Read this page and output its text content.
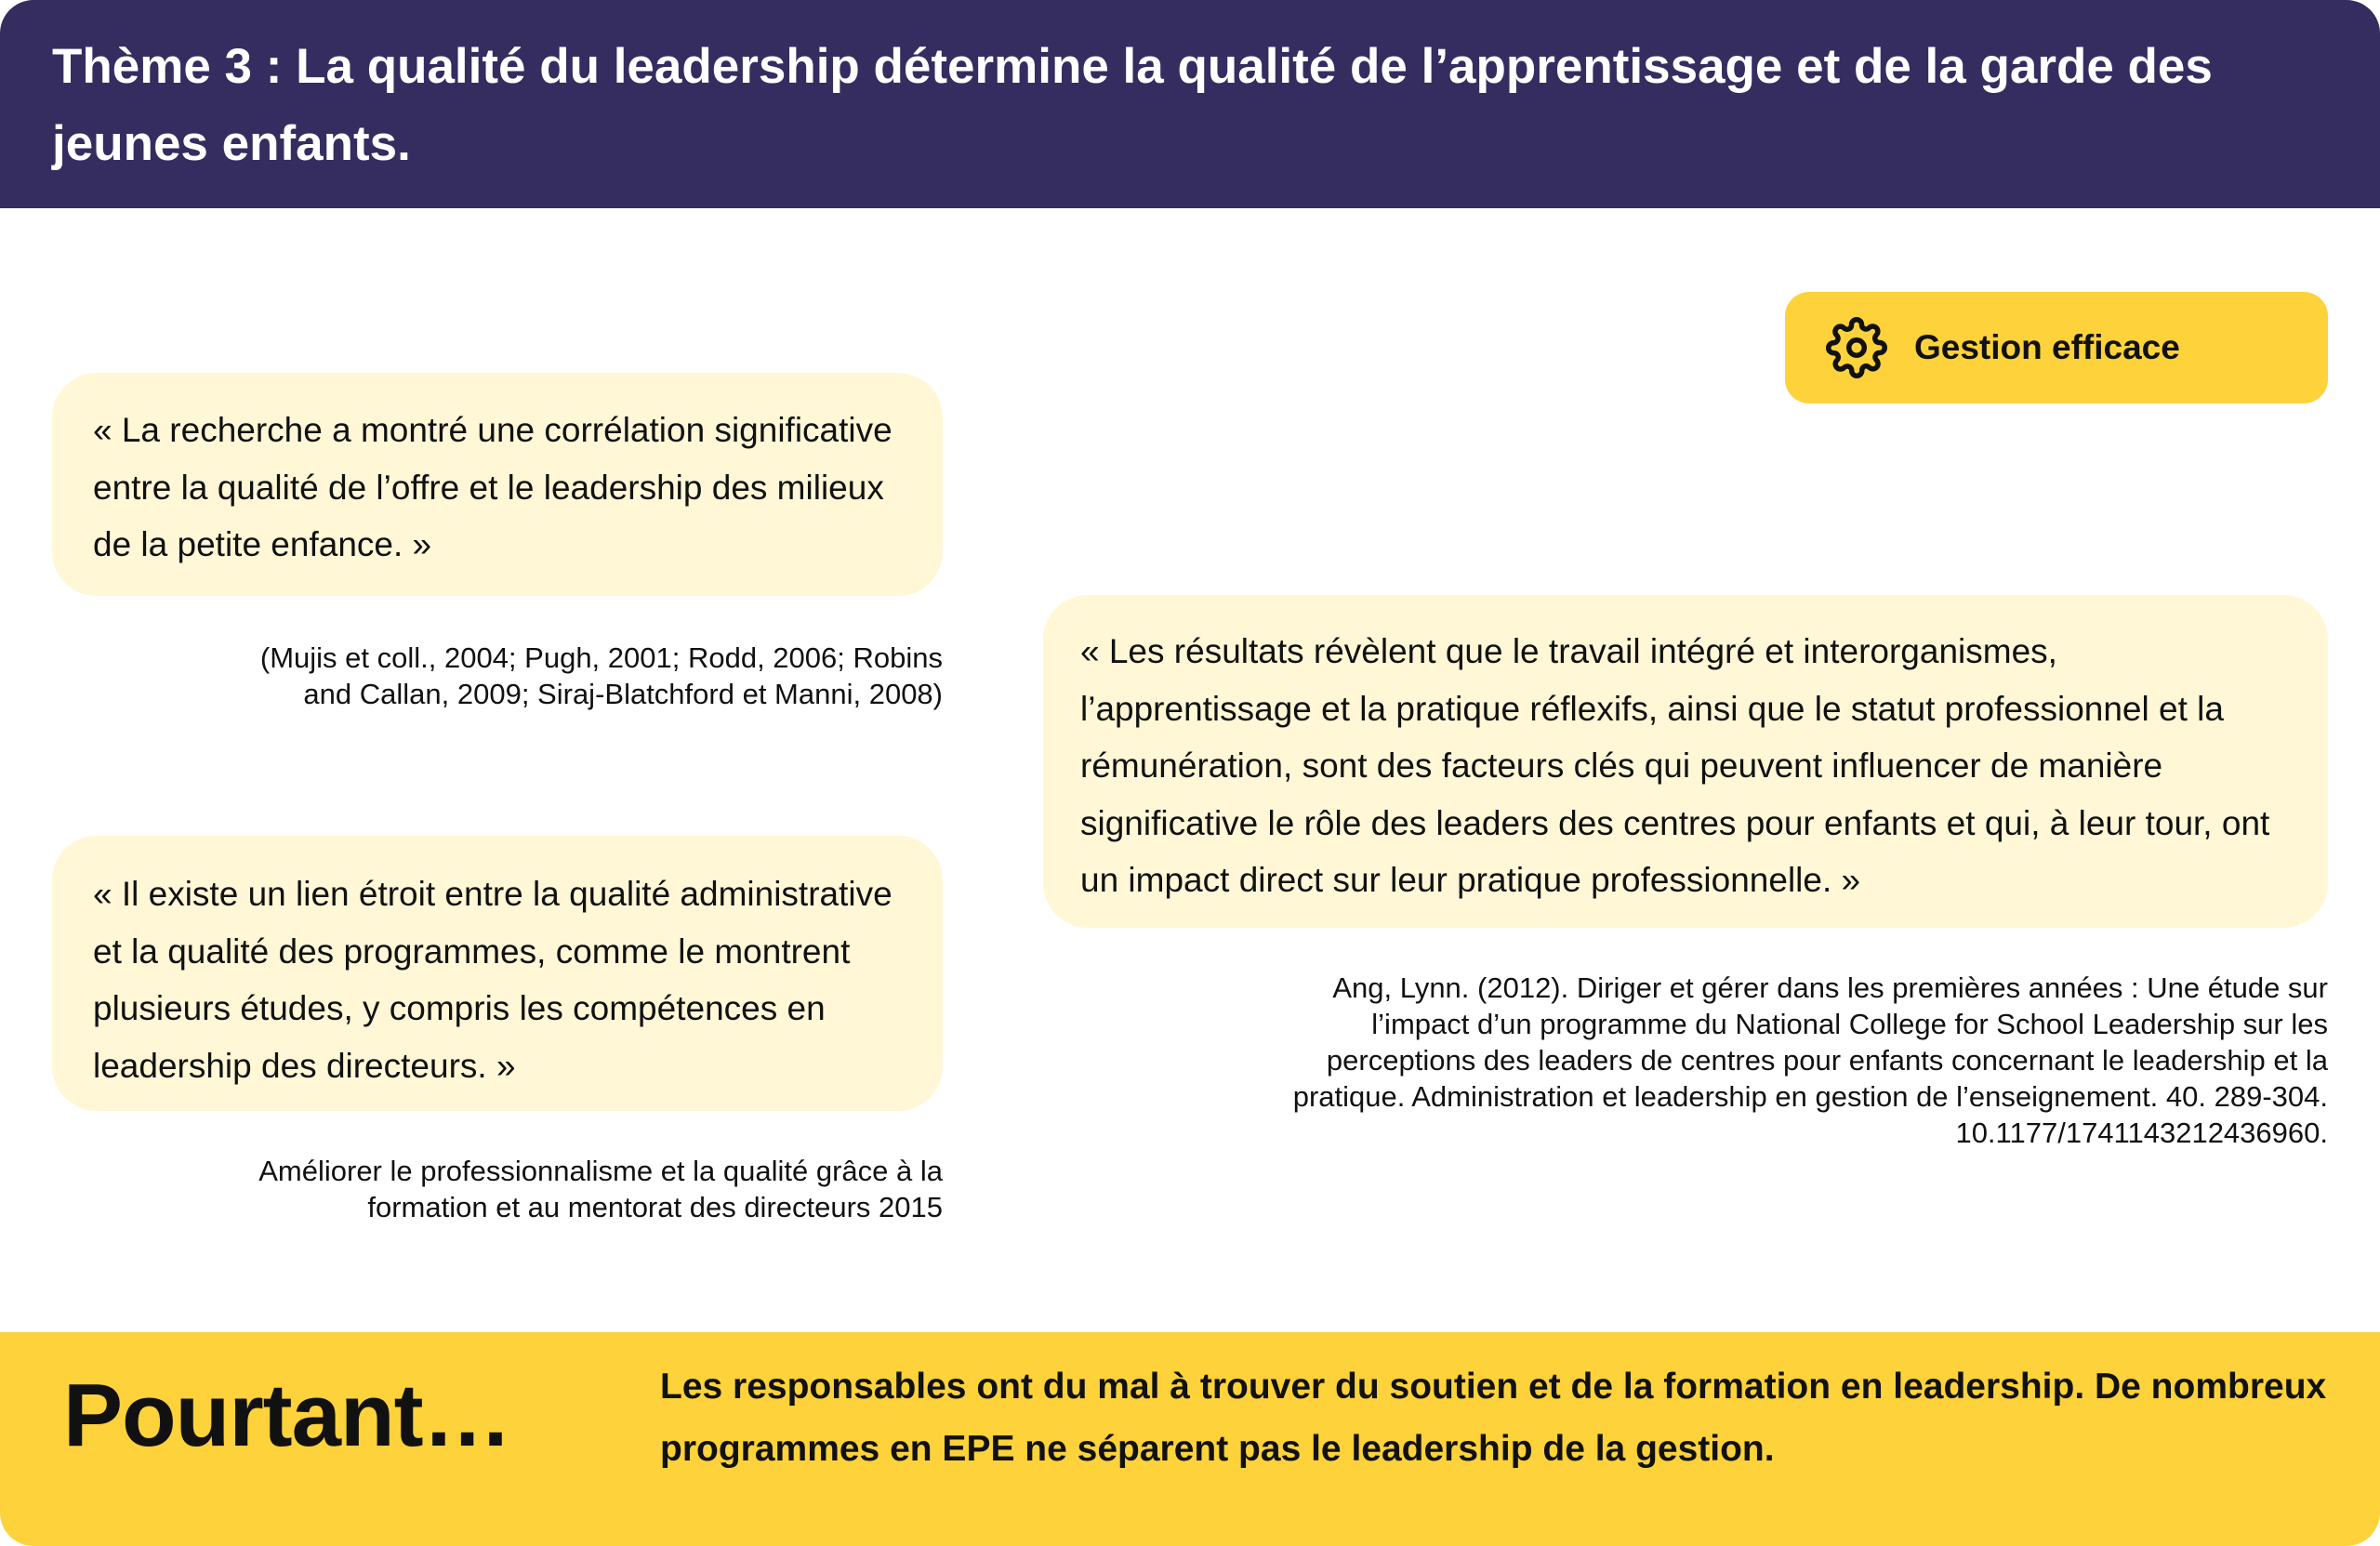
Thème 3 : La qualité du leadership détermine la qualité de l’apprentissage et de la garde des jeunes enfants.
Gestion efficace

« La recherche a montré une corrélation significative entre la qualité de l’offre et le leadership des milieux de la petite enfance. »

(Mujis et coll., 2004; Pugh, 2001; Rodd, 2006; Robins and Callan, 2009; Siraj-Blatchford et Manni, 2008)

« Il existe un lien étroit entre la qualité administrative et la qualité des programmes, comme le montrent plusieurs études, y compris les compétences en leadership des directeurs. »

Améliorer le professionnalisme et la qualité grâce à la formation et au mentorat des directeurs 2015

« Les résultats révèlent que le travail intégré et interorganismes, l’apprentissage et la pratique réflexifs, ainsi que le statut professionnel et la rémunération, sont des facteurs clés qui peuvent influencer de manière significative le rôle des leaders des centres pour enfants et qui, à leur tour, ont un impact direct sur leur pratique professionnelle. »

Ang, Lynn. (2012). Diriger et gérer dans les premières années : Une étude sur l’impact d’un programme du National College for School Leadership sur les perceptions des leaders de centres pour enfants concernant le leadership et la pratique. Administration et leadership en gestion de l’enseignement. 40. 289-304. 10.1177/1741143212436960.

Pourtant…	Les responsables ont du mal à trouver du soutien et de la formation en leadership. De nombreux programmes en EPE ne séparent pas le leadership de la gestion.
